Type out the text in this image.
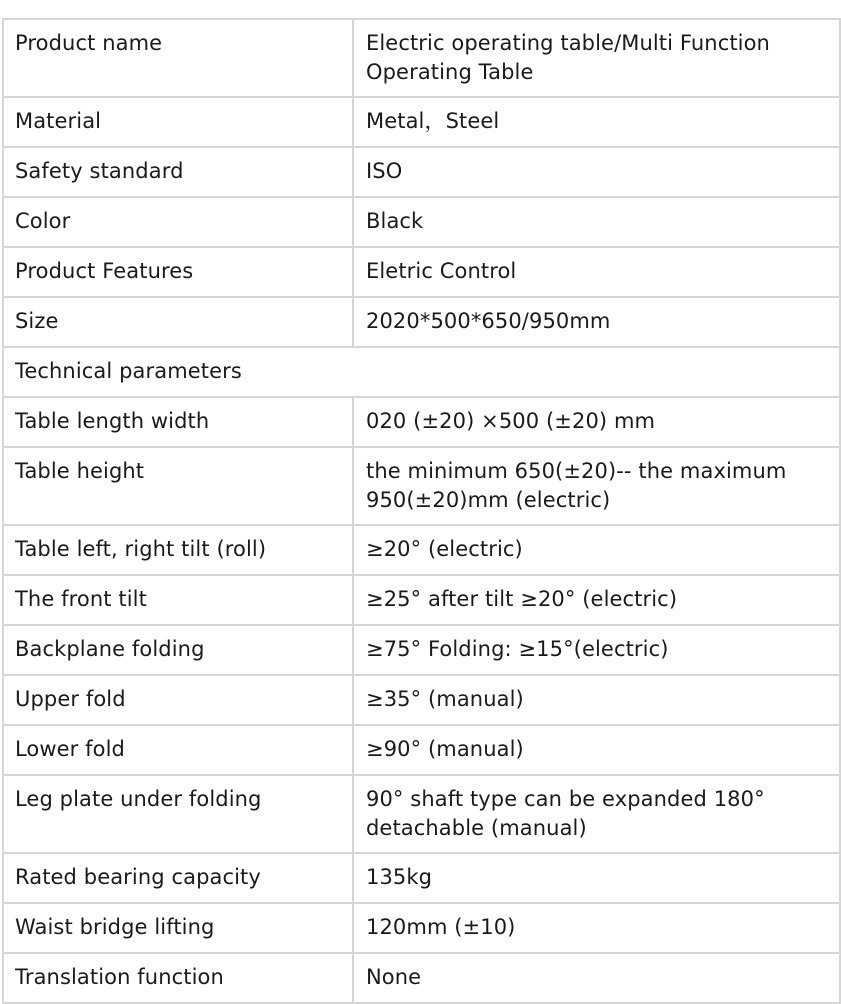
Product name	Electric operating table/Multi Function Operating Table
Material	Metal，Steel
Safety standard	ISO
Color	Black
Product Features	Eletric Control
Size	2020*500*650/950mm
Technical parameters	
Table length width	020 (±20) ×500 (±20) mm
Table height	the minimum 650(±20)-- the maximum 950(±20)mm (electric)
Table left, right tilt (roll)	≥20° (electric)
The front tilt	≥25° after tilt ≥20° (electric)
Backplane folding	≥75° Folding: ≥15°(electric)
Upper fold	≥35° (manual)
Lower fold	≥90° (manual)
Leg plate under folding	90° shaft type can be expanded 180° detachable (manual)
Rated bearing capacity	135kg
Waist bridge lifting	120mm (±10)
Translation function	None
